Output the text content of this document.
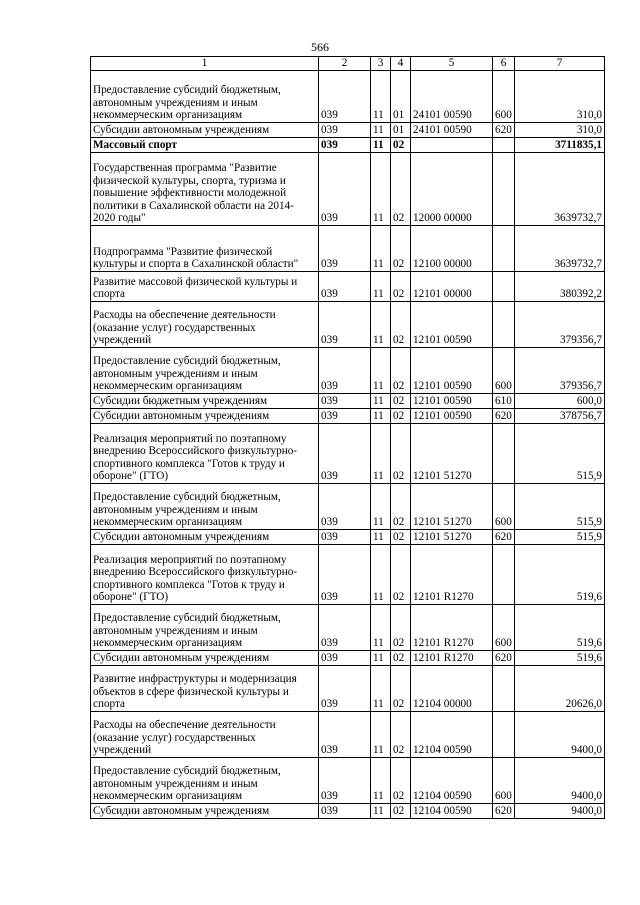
566
1	2	3	4	5	6	7
Предоставление субсидий бюджетным, автономным учреждениям и иным некоммерческим организациям	039	11	01	24101 00590	600	310,0
Субсидии автономным учреждениям	039	11	01	24101 00590	620	310,0
Массовый спорт	039	11	02			3711835,1
Государственная программа "Развитие физической культуры, спорта, туризма и повышение эффективности молодежной политики в Сахалинской области на 2014-2020 годы"	039	11	02	12000 00000		3639732,7
Подпрограмма "Развитие физической культуры и спорта в Сахалинской области"	039	11	02	12100 00000		3639732,7
Развитие массовой физической культуры и спорта	039	11	02	12101 00000		380392,2
Расходы на обеспечение деятельности (оказание услуг) государственных учреждений	039	11	02	12101 00590		379356,7
Предоставление субсидий бюджетным, автономным учреждениям и иным некоммерческим организациям	039	11	02	12101 00590	600	379356,7
Субсидии бюджетным учреждениям	039	11	02	12101 00590	610	600,0
Субсидии автономным учреждениям	039	11	02	12101 00590	620	378756,7
Реализация мероприятий по поэтапному внедрению Всероссийского физкультурно-спортивного комплекса "Готов к труду и обороне" (ГТО)	039	11	02	12101 51270		515,9
Предоставление субсидий бюджетным, автономным учреждениям и иным некоммерческим организациям	039	11	02	12101 51270	600	515,9
Субсидии автономным учреждениям	039	11	02	12101 51270	620	515,9
Реализация мероприятий по поэтапному внедрению Всероссийского физкультурно-спортивного комплекса "Готов к труду и обороне" (ГТО)	039	11	02	12101 R1270		519,6
Предоставление субсидий бюджетным, автономным учреждениям и иным некоммерческим организациям	039	11	02	12101 R1270	600	519,6
Субсидии автономным учреждениям	039	11	02	12101 R1270	620	519,6
Развитие инфраструктуры и модернизация объектов в сфере физической культуры и спорта	039	11	02	12104 00000		20626,0
Расходы на обеспечение деятельности (оказание услуг) государственных учреждений	039	11	02	12104 00590		9400,0
Предоставление субсидий бюджетным, автономным учреждениям и иным некоммерческим организациям	039	11	02	12104 00590	600	9400,0
Субсидии автономным учреждениям	039	11	02	12104 00590	620	9400,0
